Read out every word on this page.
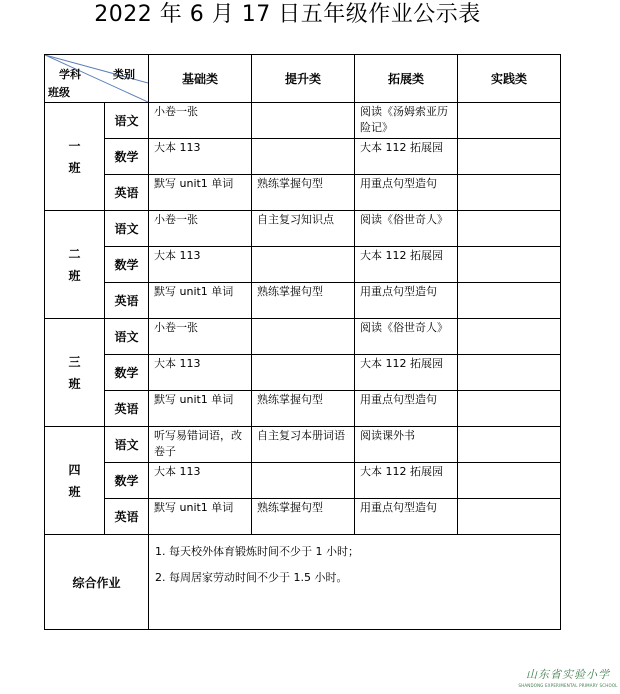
2022 年 6 月 17 日五年级作业公示表
学科 类别
班级		基础类	提升类	拓展类	实践类
一
班	语文	小卷一张		阅读《汤姆索亚历险记》	
	数学	大本 113		大本 112 拓展园	
	英语	默写 unit1 单词	熟练掌握句型	用重点句型造句	
二
班	语文	小卷一张	自主复习知识点	阅读《俗世奇人》	
	数学	大本 113		大本 112 拓展园	
	英语	默写 unit1 单词	熟练掌握句型	用重点句型造句	
三
班	语文	小卷一张		阅读《俗世奇人》	
	数学	大本 113		大本 112 拓展园	
	英语	默写 unit1 单词	熟练掌握句型	用重点句型造句	
四
班	语文	听写易错词语，改卷子	自主复习本册词语	阅读课外书	
	数学	大本 113		大本 112 拓展园	
	英语	默写 unit1 单词	熟练掌握句型	用重点句型造句	
综合作业		1. 每天校外体育锻炼时间不少于 1 小时；
2. 每周居家劳动时间不少于 1.5 小时。			
山东省实验小学
SHANDONG EXPERIMENTAL PRIMARY SCHOOL
